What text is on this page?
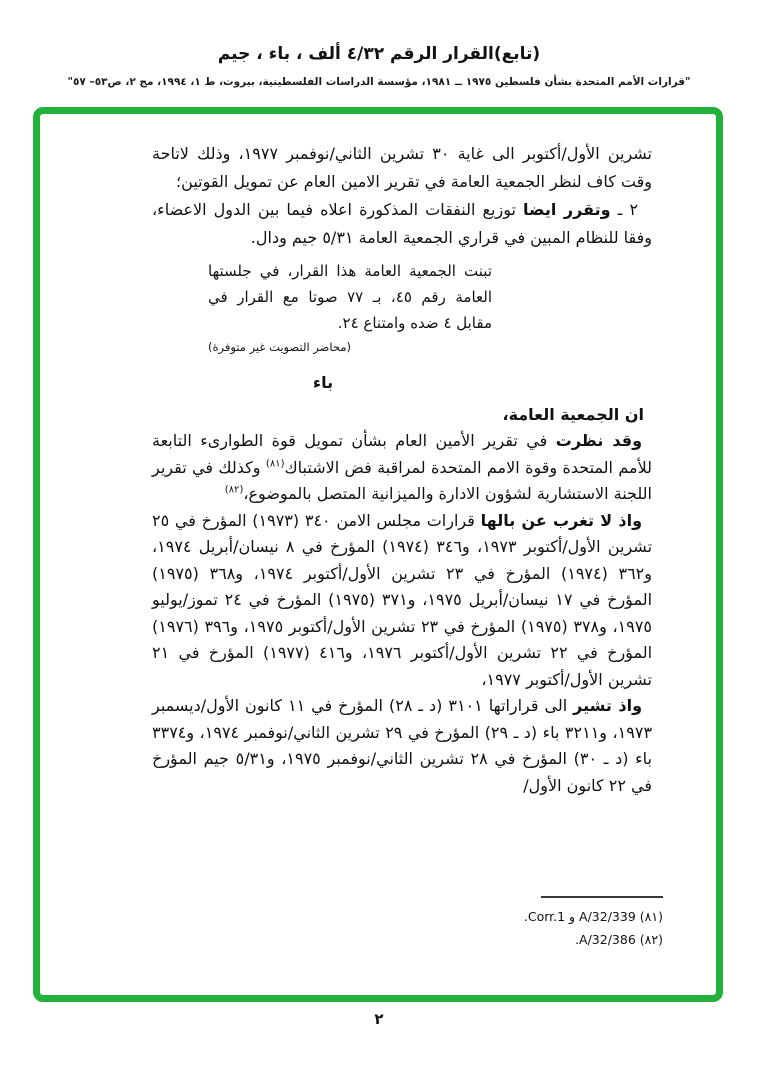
(تابع)القرار الرقم ٤/٣٢ ألف ، باء ، جيم
"قرارات الأمم المتحدة بشأن فلسطين ١٩٧٥ ــ ١٩٨١، مؤسسة الدراسات الفلسطينية، بيروت، ط ١، ١٩٩٤، مج ٢، ص٥٣– ٥٧"

تشرين الأول/أكتوبر الى غاية ٣٠ تشرين الثاني/نوفمبر ١٩٧٧، وذلك لاتاحة وقت كاف لنظر الجمعية العامة في تقرير الامين العام عن تمويل القوتين؛

٢ ـ وتقرر ايضا توزيع النفقات المذكورة اعلاه فيما بين الدول الاعضاء، وفقا للنظام المبين في قراري الجمعية العامة ٥/٣١ جيم ودال.

تبنت الجمعية العامة هذا القرار، في جلستها العامة رقم ٤٥، بـ ٧٧ صوتا مع القرار في مقابل ٤ ضده وامتناع ٢٤.
(محاضر التصويت غير متوفرة)
باء

ان الجمعية العامة،

وقد نظرت في تقرير الأمين العام بشأن تمويل قوة الطوارىء التابعة للأمم المتحدة وقوة الامم المتحدة لمراقبة فض الاشتباك$^{(٨١)}$ وكذلك في تقرير اللجنة الاستشارية لشؤون الادارة والميزانية المتصل بالموضوع،$^{(٨٢)}$

واذ لا تغرب عن بالها قرارات مجلس الامن ٣٤٠ (١٩٧٣) المؤرخ في ٢٥ تشرين الأول/أكتوبر ١٩٧٣، و٣٤٦ (١٩٧٤) المؤرخ في ٨ نيسان/أبريل ١٩٧٤، و٣٦٢ (١٩٧٤) المؤرخ في ٢٣ تشرين الأول/أكتوبر ١٩٧٤، و٣٦٨ (١٩٧٥) المؤرخ في ١٧ نيسان/أبريل ١٩٧٥، و٣٧١ (١٩٧٥) المؤرخ في ٢٤ تموز/يوليو ١٩٧٥، و٣٧٨ (١٩٧٥) المؤرخ في ٢٣ تشرين الأول/أكتوبر ١٩٧٥، و٣٩٦ (١٩٧٦) المؤرخ في ٢٢ تشرين الأول/أكتوبر ١٩٧٦، و٤١٦ (١٩٧٧) المؤرخ في ٢١ تشرين الأول/أكتوبر ١٩٧٧،

واذ تشير الى قراراتها ٣١٠١ (د ـ ٢٨) المؤرخ في ١١ كانون الأول/ديسمبر ١٩٧٣، و٣٢١١ باء (د ـ ٢٩) المؤرخ في ٢٩ تشرين الثاني/نوفمبر ١٩٧٤، و٣٣٧٤ باء (د ـ ٣٠) المؤرخ في ٢٨ تشرين الثاني/نوفمبر ١٩٧٥، و٥/٣١ جيم المؤرخ في ٢٢ كانون الأول/

(٨١) A/32/339 و Corr.1.
(٨٢) A/32/386.
٢
